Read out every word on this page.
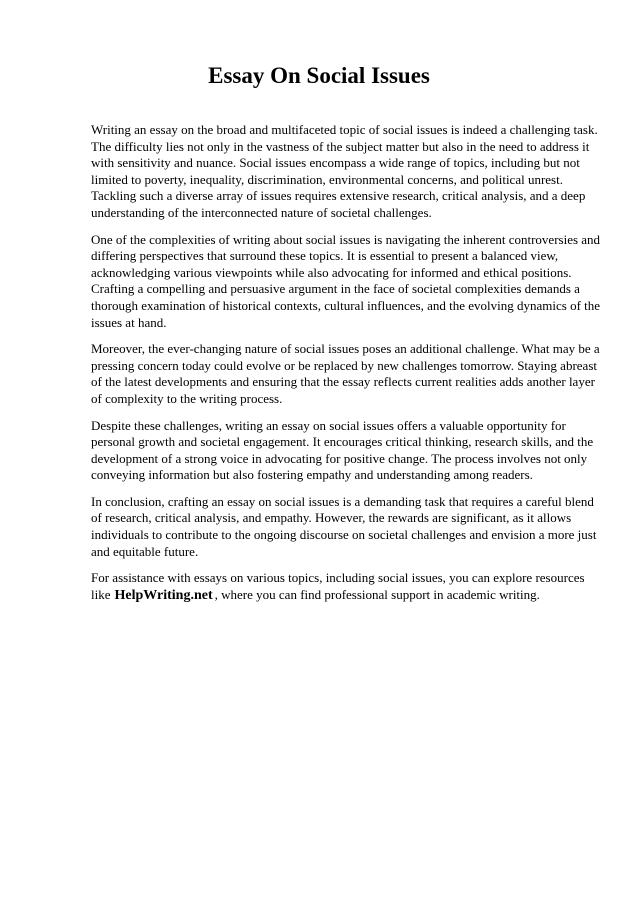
Essay On Social Issues

Writing an essay on the broad and multifaceted topic of social issues is indeed a challenging task. The difficulty lies not only in the vastness of the subject matter but also in the need to address it with sensitivity and nuance. Social issues encompass a wide range of topics, including but not limited to poverty, inequality, discrimination, environmental concerns, and political unrest. Tackling such a diverse array of issues requires extensive research, critical analysis, and a deep understanding of the interconnected nature of societal challenges.

One of the complexities of writing about social issues is navigating the inherent controversies and differing perspectives that surround these topics. It is essential to present a balanced view, acknowledging various viewpoints while also advocating for informed and ethical positions. Crafting a compelling and persuasive argument in the face of societal complexities demands a thorough examination of historical contexts, cultural influences, and the evolving dynamics of the issues at hand.

Moreover, the ever-changing nature of social issues poses an additional challenge. What may be a pressing concern today could evolve or be replaced by new challenges tomorrow. Staying abreast of the latest developments and ensuring that the essay reflects current realities adds another layer of complexity to the writing process.

Despite these challenges, writing an essay on social issues offers a valuable opportunity for personal growth and societal engagement. It encourages critical thinking, research skills, and the development of a strong voice in advocating for positive change. The process involves not only conveying information but also fostering empathy and understanding among readers.

In conclusion, crafting an essay on social issues is a demanding task that requires a careful blend of research, critical analysis, and empathy. However, the rewards are significant, as it allows individuals to contribute to the ongoing discourse on societal challenges and envision a more just and equitable future.

For assistance with essays on various topics, including social issues, you can explore resources like HelpWriting.net , where you can find professional support in academic writing.
